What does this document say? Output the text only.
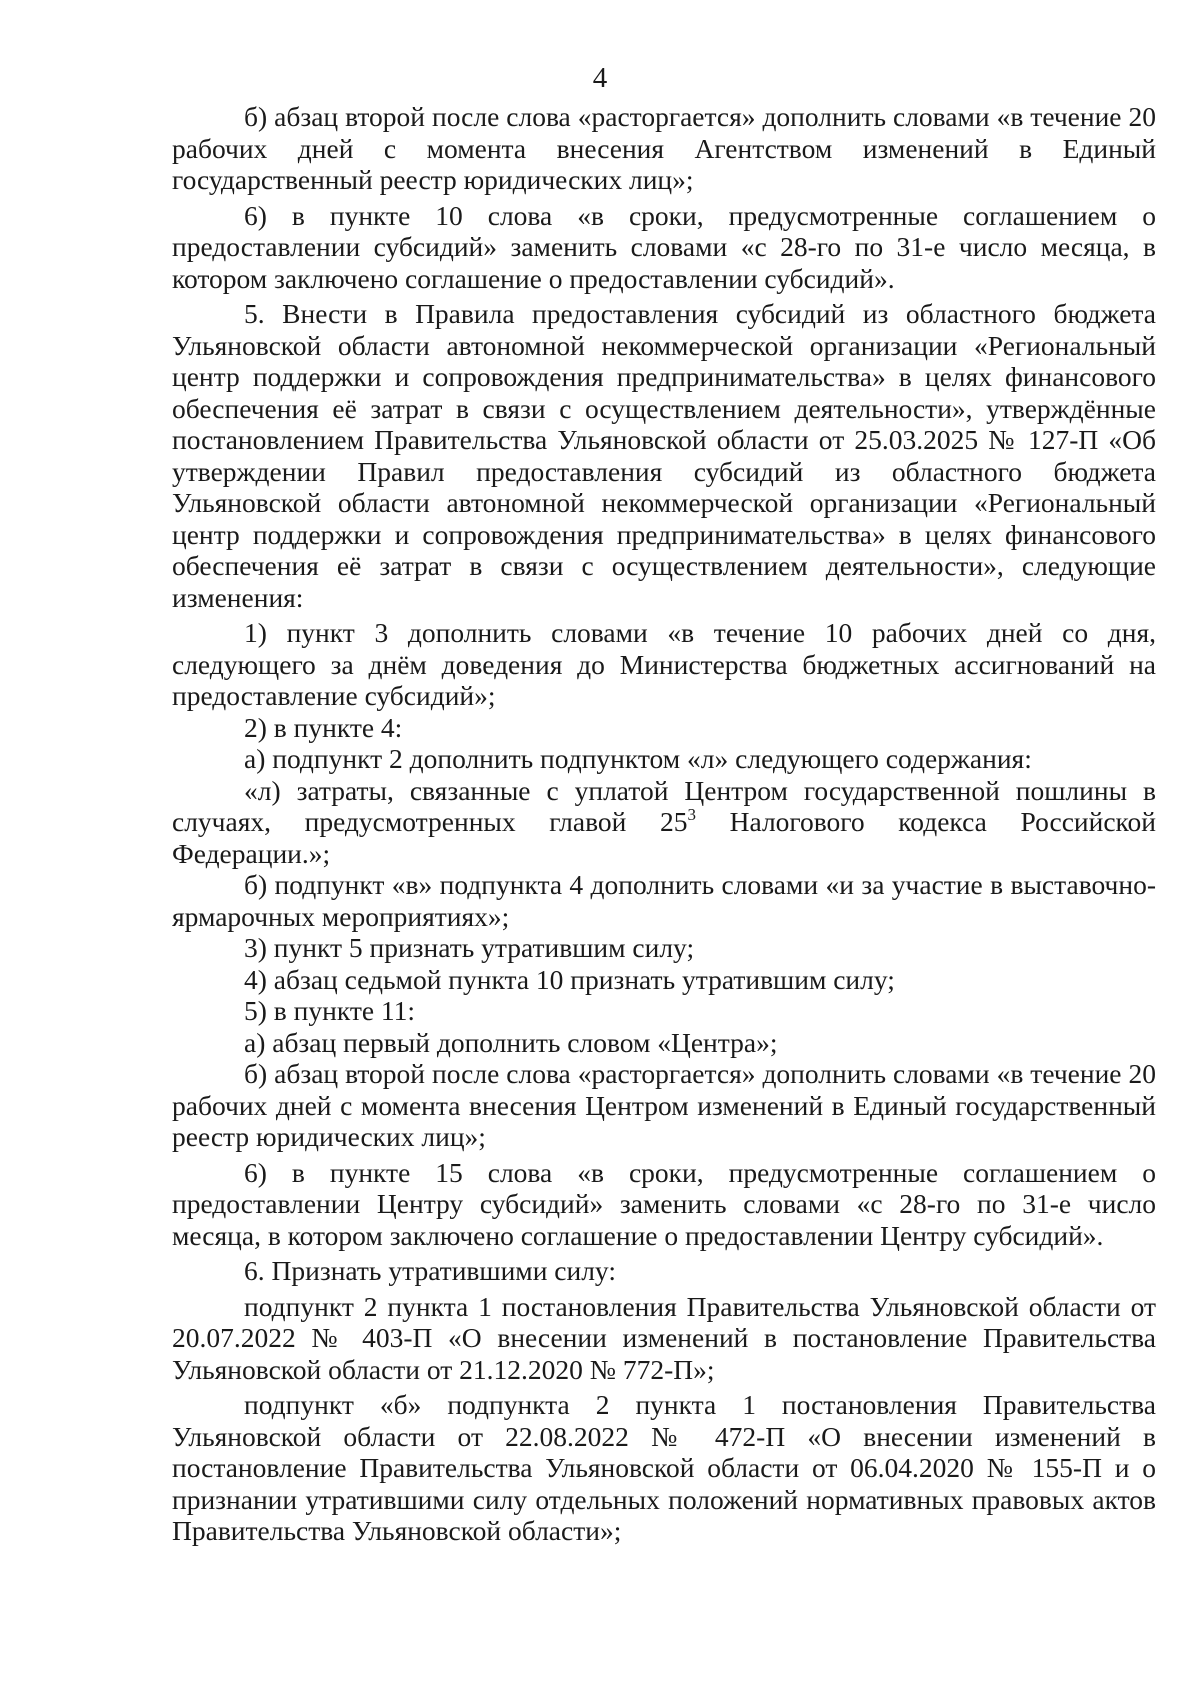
4

б) абзац второй после слова «расторгается» дополнить словами «в течение 20 рабочих дней с момента внесения Агентством изменений в Единый государственный реестр юридических лиц»;

6) в пункте 10 слова «в сроки, предусмотренные соглашением о предоставлении субсидий» заменить словами «с 28-го по 31-е число месяца, в котором заключено соглашение о предоставлении субсидий».

5. Внести в Правила предоставления субсидий из областного бюджета Ульяновской области автономной некоммерческой организации «Региональный центр поддержки и сопровождения предпринимательства» в целях финансового обеспечения её затрат в связи с осуществлением деятельности», утверждённые постановлением Правительства Ульяновской области от 25.03.2025 № 127-П «Об утверждении Правил предоставления субсидий из областного бюджета Ульяновской области автономной некоммерческой организации «Региональный центр поддержки и сопровождения предпринимательства» в целях финансового обеспечения её затрат в связи с осуществлением деятельности», следующие изменения:

1) пункт 3 дополнить словами «в течение 10 рабочих дней со дня, следующего за днём доведения до Министерства бюджетных ассигнований на предоставление субсидий»;

2) в пункте 4:

а) подпункт 2 дополнить подпунктом «л» следующего содержания:

«л) затраты, связанные с уплатой Центром государственной пошлины в случаях, предусмотренных главой $25^3$ Налогового кодекса Российской Федерации.»;

б) подпункт «в» подпункта 4 дополнить словами «и за участие в выставочно-ярмарочных мероприятиях»;

3) пункт 5 признать утратившим силу;

4) абзац седьмой пункта 10 признать утратившим силу;

5) в пункте 11:

а) абзац первый дополнить словом «Центра»;

б) абзац второй после слова «расторгается» дополнить словами «в течение 20 рабочих дней с момента внесения Центром изменений в Единый государственный реестр юридических лиц»;

6) в пункте 15 слова «в сроки, предусмотренные соглашением о предоставлении Центру субсидий» заменить словами «с 28-го по 31-е число месяца, в котором заключено соглашение о предоставлении Центру субсидий».

6. Признать утратившими силу:

подпункт 2 пункта 1 постановления Правительства Ульяновской области от 20.07.2022 № 403-П «О внесении изменений в постановление Правительства Ульяновской области от 21.12.2020 № 772-П»;

подпункт «б» подпункта 2 пункта 1 постановления Правительства Ульяновской области от 22.08.2022 № 472-П «О внесении изменений в постановление Правительства Ульяновской области от 06.04.2020 № 155-П и о признании утратившими силу отдельных положений нормативных правовых актов Правительства Ульяновской области»;
